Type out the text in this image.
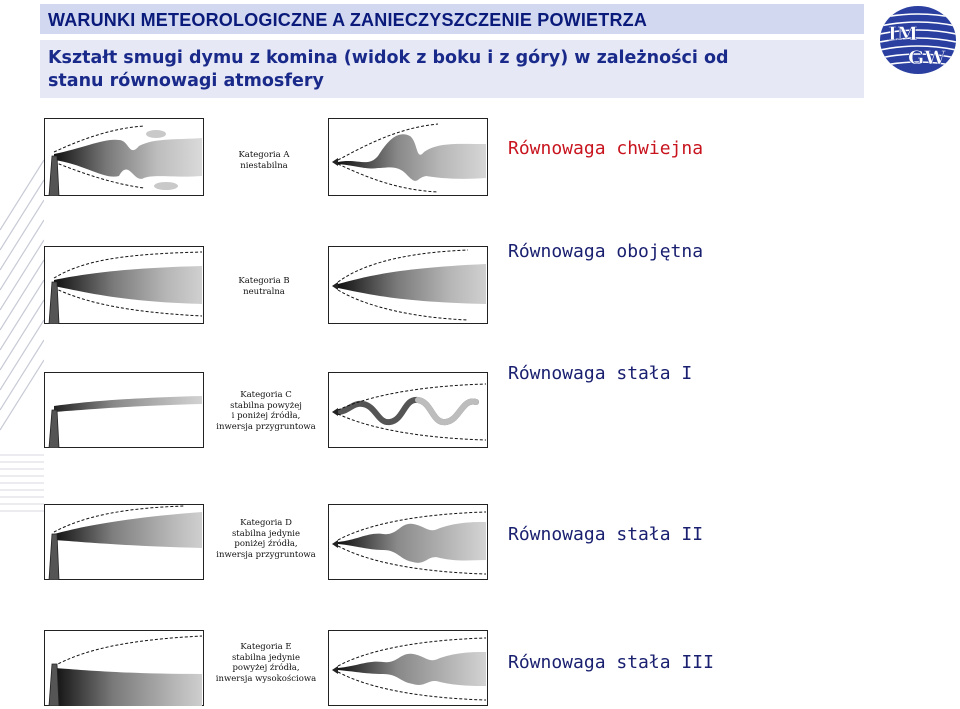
WARUNKI METEOROLOGICZNE A ZANIECZYSZCZENIE POWIETRZA

Kształt smugi dymu z komina (widok z boku i z góry) w zależności od
stanu równowagi atmosfery

IM
GW
Kategoria A
niestabilna
Równowaga chwiejna
Kategoria B
neutralna
Równowaga obojętna
Kategoria C
stabilna powyżej
i poniżej źródła,
inwersja przygruntowa
Równowaga stała I
Kategoria D
stabilna jedynie
poniżej źródła,
inwersja przygruntowa
Równowaga stała II
Kategoria E
stabilna jedynie
powyżej źródła,
inwersja wysokościowa
Równowaga stała III
